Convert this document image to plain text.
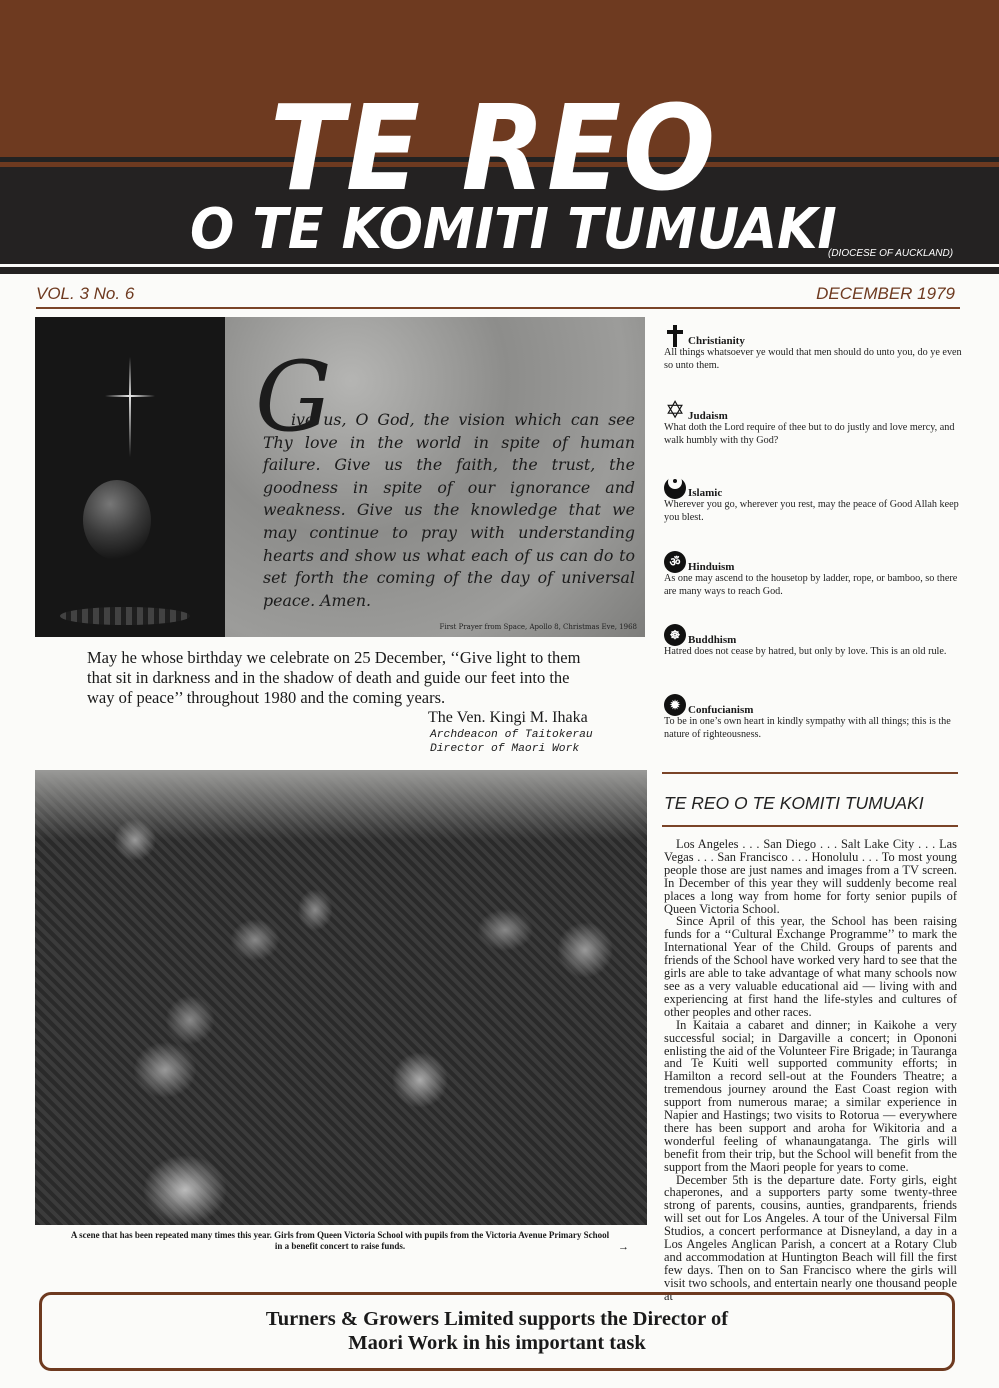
TE REO
O TE KOMITI TUMUAKI
(DIOCESE OF AUCKLAND)
VOL. 3 No. 6	DECEMBER 1979
G
ive us, O God, the vision which can see Thy love in the world in spite of human failure. Give us the faith, the trust, the goodness in spite of our ignorance and weakness. Give us the knowledge that we may continue to pray with understanding hearts and show us what each of us can do to set forth the coming of the day of universal peace. Amen.
First Prayer from Space, Apollo 8, Christmas Eve, 1968
May he whose birthday we celebrate on 25 December, ‘‘Give light to them that sit in darkness and in the shadow of death and guide our feet into the way of peace’’ throughout 1980 and the coming years.
The Ven. Kingi M. Ihaka
Archdeacon of Taitokerau
Director of Maori Work
Christianity
All things whatsoever ye would that men should do unto you, do ye even so unto them.
✡ Judaism
What doth the Lord require of thee but to do justly and love mercy, and walk humbly with thy God?
Islamic
Wherever you go, wherever you rest, may the peace of Good Allah keep you blest.
ॐ Hinduism
As one may ascend to the housetop by ladder, rope, or bamboo, so there are many ways to reach God.
☸ Buddhism
Hatred does not cease by hatred, but only by love. This is an old rule.
✹ Confucianism
To be in one’s own heart in kindly sympathy with all things; this is the nature of righteousness.
TE REO O TE KOMITI TUMUAKI

Los Angeles . . . San Diego . . . Salt Lake City . . . Las Vegas . . . San Francisco . . . Honolulu . . . To most young people those are just names and images from a TV screen. In December of this year they will suddenly become real places a long way from home for forty senior pupils of Queen Victoria School.

Since April of this year, the School has been raising funds for a ‘‘Cultural Exchange Programme’’ to mark the International Year of the Child. Groups of parents and friends of the School have worked very hard to see that the girls are able to take advantage of what many schools now see as a very valuable educational aid — living with and experiencing at first hand the life-styles and cultures of other peoples and other races.

In Kaitaia a cabaret and dinner; in Kaikohe a very successful social; in Dargaville a concert; in Opononi enlisting the aid of the Volunteer Fire Brigade; in Tauranga and Te Kuiti well supported community efforts; in Hamilton a record sell-out at the Founders Theatre; a tremendous journey around the East Coast region with support from numerous marae; a similar experience in Napier and Hastings; two visits to Rotorua — everywhere there has been support and aroha for Wikitoria and a wonderful feeling of whanaungatanga. The girls will benefit from their trip, but the School will benefit from the support from the Maori people for years to come.

December 5th is the departure date. Forty girls, eight chaperones, and a supporters party some twenty-three strong of parents, cousins, aunties, grandparents, friends will set out for Los Angeles. A tour of the Universal Film Studios, a concert performance at Disneyland, a day in a Los Angeles Anglican Parish, a concert at a Rotary Club and accommodation at Huntington Beach will fill the first few days. Then on to San Francisco where the girls will visit two schools, and entertain nearly one thousand people at

A scene that has been repeated many times this year. Girls from Queen Victoria School with pupils from the Victoria Avenue Primary School
in a benefit concert to raise funds.	→
Turners & Growers Limited supports the Director of
Maori Work in his important task
